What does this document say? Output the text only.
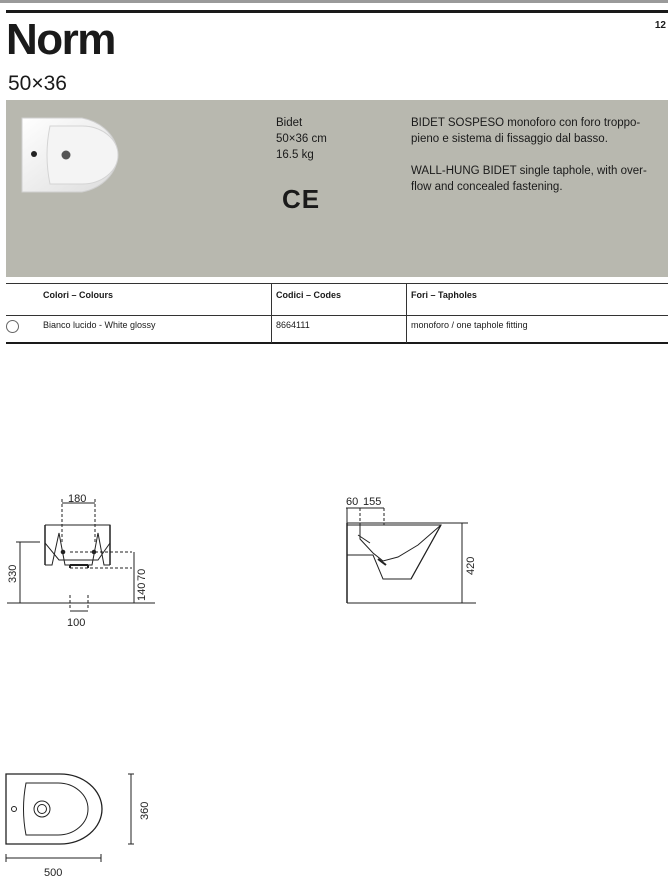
12
Norm
50×36
Bidet
50×36 cm
16.5 kg
CE

BIDET SOSPESO monoforo con foro troppo-pieno e sistema di fissaggio dal basso.

WALL-HUNG BIDET single taphole, with over-flow and concealed fastening.

Colori – Colours	Codici – Codes	Fori – Tapholes
Bianco lucido - White glossy	8664111	monoforo / one taphole fitting
180
330
140
70
100
60 155
420
360
500
